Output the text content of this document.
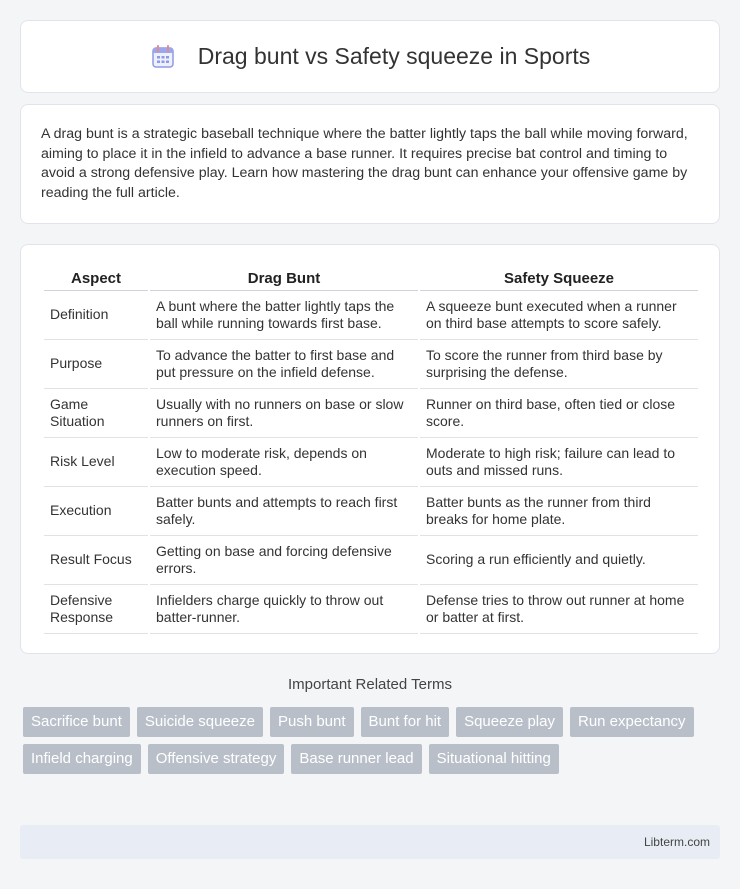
Drag bunt vs Safety squeeze in Sports

A drag bunt is a strategic baseball technique where the batter lightly taps the ball while moving forward, aiming to place it in the infield to advance a base runner. It requires precise bat control and timing to avoid a strong defensive play. Learn how mastering the drag bunt can enhance your offensive game by reading the full article.

Aspect	Drag Bunt	Safety Squeeze
Definition	A bunt where the batter lightly taps the ball while running towards first base.	A squeeze bunt executed when a runner on third base attempts to score safely.
Purpose	To advance the batter to first base and put pressure on the infield defense.	To score the runner from third base by surprising the defense.
Game Situation	Usually with no runners on base or slow runners on first.	Runner on third base, often tied or close score.
Risk Level	Low to moderate risk, depends on execution speed.	Moderate to high risk; failure can lead to outs and missed runs.
Execution	Batter bunts and attempts to reach first safely.	Batter bunts as the runner from third breaks for home plate.
Result Focus	Getting on base and forcing defensive errors.	Scoring a run efficiently and quietly.
Defensive Response	Infielders charge quickly to throw out batter-runner.	Defense tries to throw out runner at home or batter at first.
Important Related Terms
Sacrifice bunt	Suicide squeeze	Push bunt	Bunt for hit	Squeeze play	Run expectancy
Infield charging	Offensive strategy	Base runner lead	Situational hitting
Libterm.com
